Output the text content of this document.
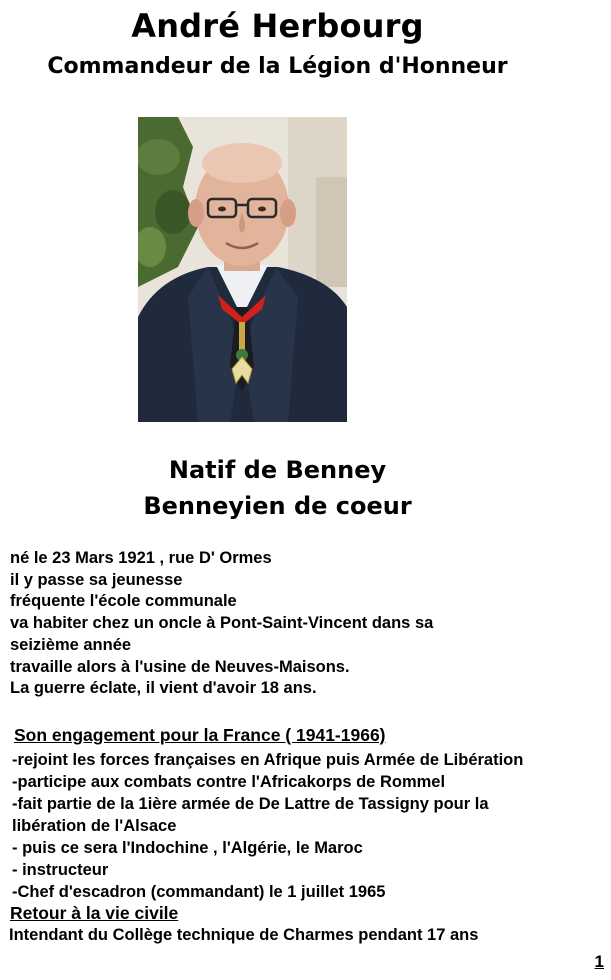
André Herbourg
Commandeur de la Légion d'Honneur
Natif de Benney
Benneyien de coeur
né le 23 Mars 1921 , rue D' Ormes
il y passe sa jeunesse
fréquente l'école communale
va habiter chez un oncle à Pont-Saint-Vincent dans sa
seizième année
travaille alors à l'usine de Neuves-Maisons.
La guerre éclate, il vient d'avoir 18 ans.
Son engagement pour la France ( 1941-1966)
-rejoint les forces françaises en Afrique puis Armée de Libération
-participe aux combats contre l'Africakorps de Rommel
-fait partie de la 1ière armée de De Lattre de Tassigny pour la
libération de l'Alsace
- puis ce sera l'Indochine , l'Algérie, le Maroc
- instructeur
-Chef d'escadron (commandant) le 1 juillet 1965
Retour à la vie civile
Intendant du Collège technique de Charmes pendant 17 ans
1
